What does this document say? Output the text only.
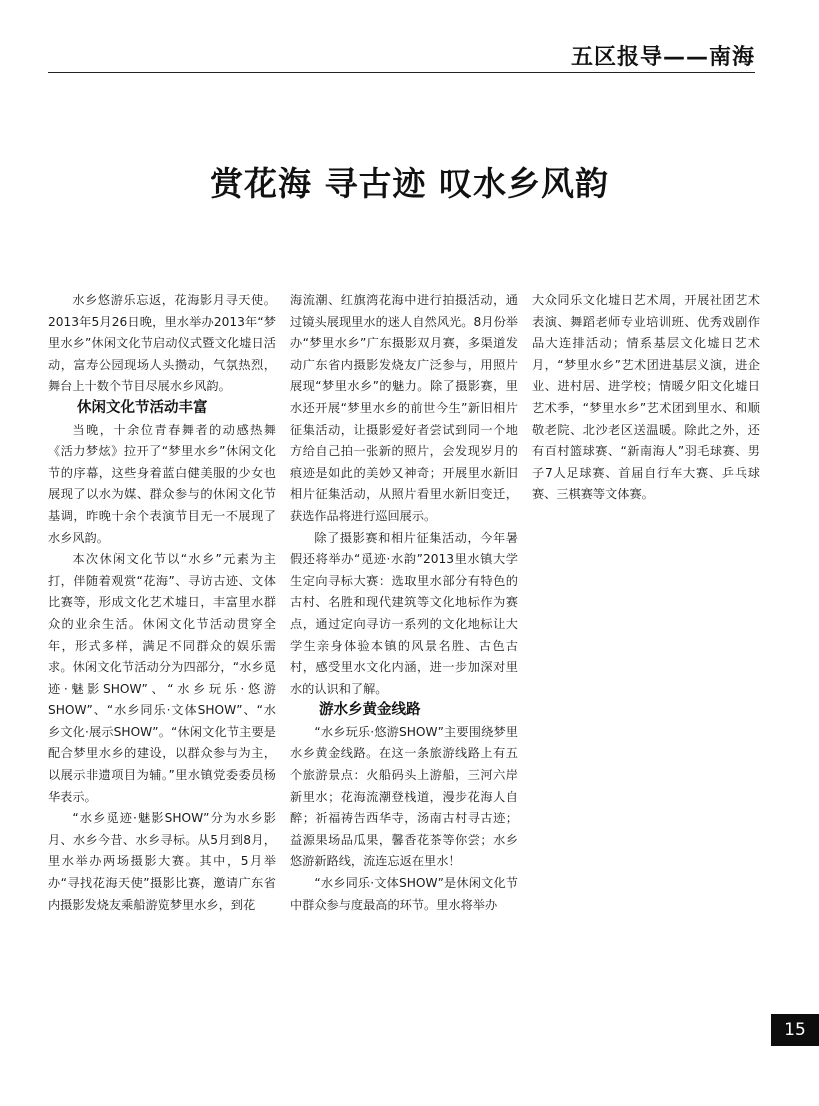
五区报导——南海
赏花海 寻古迹 叹水乡风韵

水乡悠游乐忘返，花海影月寻天使。2013年5月26日晚，里水举办2013年“梦里水乡”休闲文化节启动仪式暨文化墟日活动，富寿公园现场人头攒动，气氛热烈，舞台上十数个节目尽展水乡风韵。

休闲文化节活动丰富

当晚，十余位青春舞者的动感热舞《活力梦炫》拉开了“梦里水乡”休闲文化节的序幕，这些身着蓝白健美服的少女也展现了以水为媒、群众参与的休闲文化节基调，昨晚十余个表演节目无一不展现了水乡风韵。

本次休闲文化节以“水乡”元素为主打，伴随着观赏“花海”、寻访古迹、文体比赛等，形成文化艺术墟日，丰富里水群众的业余生活。休闲文化节活动贯穿全年，形式多样，满足不同群众的娱乐需求。休闲文化节活动分为四部分，“水乡觅迹·魅影SHOW”、“水乡玩乐·悠游SHOW”、“水乡同乐·文体SHOW”、“水乡文化·展示SHOW”。“休闲文化节主要是配合梦里水乡的建设，以群众参与为主，以展示非遗项目为辅。”里水镇党委委员杨华表示。

“水乡觅迹·魅影SHOW”分为水乡影月、水乡今昔、水乡寻标。从5月到8月，里水举办两场摄影大赛。其中，5月举办“寻找花海天使”摄影比赛，邀请广东省内摄影发烧友乘船游览梦里水乡，到花

海流潮、红旗湾花海中进行拍摄活动，通过镜头展现里水的迷人自然风光。8月份举办“梦里水乡”广东摄影双月赛，多渠道发动广东省内摄影发烧友广泛参与，用照片展现“梦里水乡”的魅力。除了摄影赛，里水还开展“梦里水乡的前世今生”新旧相片征集活动，让摄影爱好者尝试到同一个地方给自己拍一张新的照片，会发现岁月的痕迹是如此的美妙又神奇；开展里水新旧相片征集活动，从照片看里水新旧变迁，获选作品将进行巡回展示。

除了摄影赛和相片征集活动，今年暑假还将举办“觅迹·水韵”2013里水镇大学生定向寻标大赛：选取里水部分有特色的古村、名胜和现代建筑等文化地标作为赛点，通过定向寻访一系列的文化地标让大学生亲身体验本镇的风景名胜、古色古村，感受里水文化内涵，进一步加深对里水的认识和了解。

游水乡黄金线路

“水乡玩乐·悠游SHOW”主要围绕梦里水乡黄金线路。在这一条旅游线路上有五个旅游景点：火船码头上游船，三河六岸新里水；花海流潮登栈道，漫步花海人自醉；祈福祷告西华寺，汤南古村寻古迹；益源果场品瓜果，馨香花茶等你尝；水乡悠游新路线，流连忘返在里水！

“水乡同乐·文体SHOW”是休闲文化节中群众参与度最高的环节。里水将举办

大众同乐文化墟日艺术周，开展社团艺术表演、舞蹈老师专业培训班、优秀戏剧作品大连排活动；情系基层文化墟日艺术月，“梦里水乡”艺术团进基层义演，进企业、进村居、进学校；情暖夕阳文化墟日艺术季，“梦里水乡”艺术团到里水、和顺敬老院、北沙老区送温暖。除此之外，还有百村篮球赛、“新南海人”羽毛球赛、男子7人足球赛、首届自行车大赛、乒乓球赛、三棋赛等文体赛。

15
